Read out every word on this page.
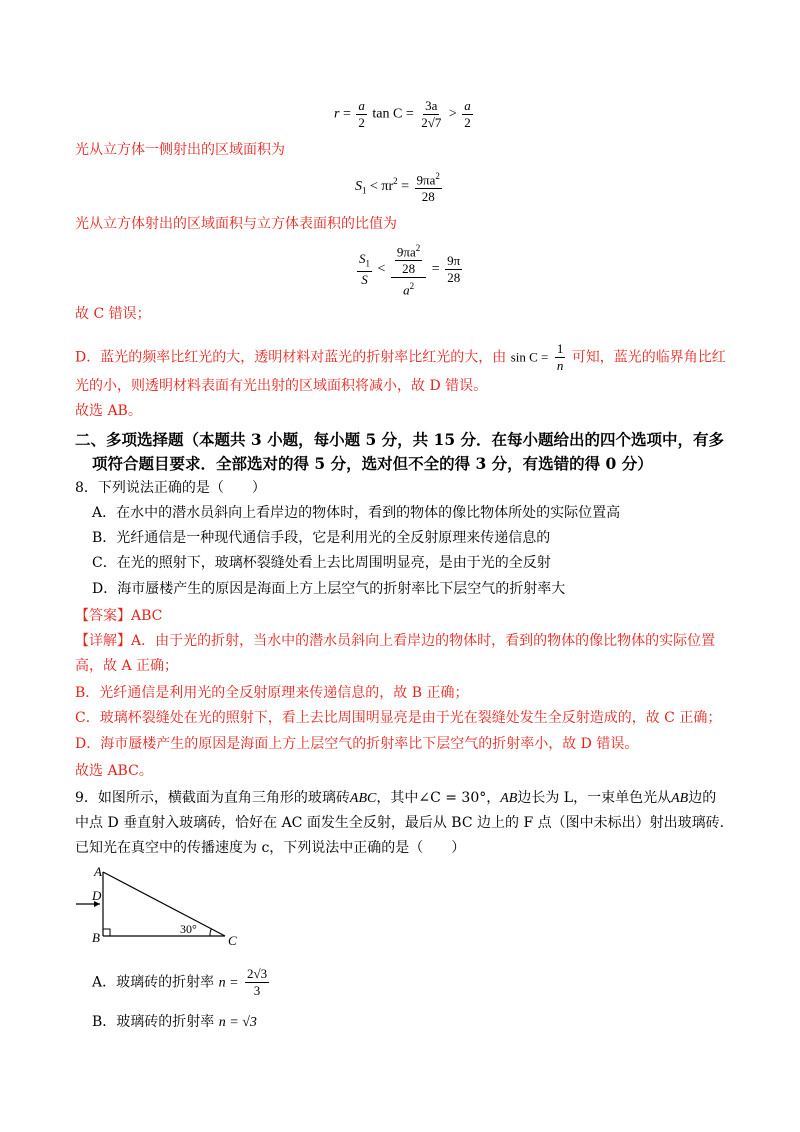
$r = \frac{a}{2}$ $\tan C = \frac{3a}{2√7} > \frac{a}{2}$
光从立方体一侧射出的区域面积为
$S_1 < \pi r^2 = \frac{9\pi a^2}{28}$
光从立方体射出的区域面积与立方体表面积的比值为
$\frac{S_1}{S} < \frac{\frac{9\pi a^2}{28}}{a^2} = \frac{9\pi}{28}$
故 C 错误；
D．蓝光的频率比红光的大，透明材料对蓝光的折射率比红光的大，由 $\sin C = \frac{1}{n}$ 可知，蓝光的临界角比红
光的小，则透明材料表面有光出射的区域面积将减小，故 D 错误。
故选 AB。
二、多项选择题（本题共 3 小题，每小题 5 分，共 15 分．在每小题给出的四个选项中，有多
项符合题目要求．全部选对的得 5 分，选对但不全的得 3 分，有选错的得 0 分）
8．下列说法正确的是（　　）
A．在水中的潜水员斜向上看岸边的物体时，看到的物体的像比物体所处的实际位置高
B．光纤通信是一种现代通信手段，它是利用光的全反射原理来传递信息的
C．在光的照射下，玻璃杯裂缝处看上去比周围明显亮，是由于光的全反射
D．海市蜃楼产生的原因是海面上方上层空气的折射率比下层空气的折射率大
【答案】ABC
【详解】A．由于光的折射，当水中的潜水员斜向上看岸边的物体时，看到的物体的像比物体的实际位置
高，故 A 正确；
B．光纤通信是利用光的全反射原理来传递信息的，故 B 正确；
C．玻璃杯裂缝处在光的照射下，看上去比周围明显亮是由于光在裂缝处发生全反射造成的，故 C 正确；
D．海市蜃楼产生的原因是海面上方上层空气的折射率比下层空气的折射率小，故 D 错误。
故选 ABC。
9．如图所示，横截面为直角三角形的玻璃砖ABC，其中∠C = 30°，AB边长为 L，一束单色光从AB边的
中点 D 垂直射入玻璃砖，恰好在 AC 面发生全反射，最后从 BC 边上的 F 点（图中未标出）射出玻璃砖.
已知光在真空中的传播速度为 c，下列说法中正确的是（　　）
A
D
B	C
30°
A．玻璃砖的折射率 $n = \frac{2√3}{3}$
B．玻璃砖的折射率 n = √3
